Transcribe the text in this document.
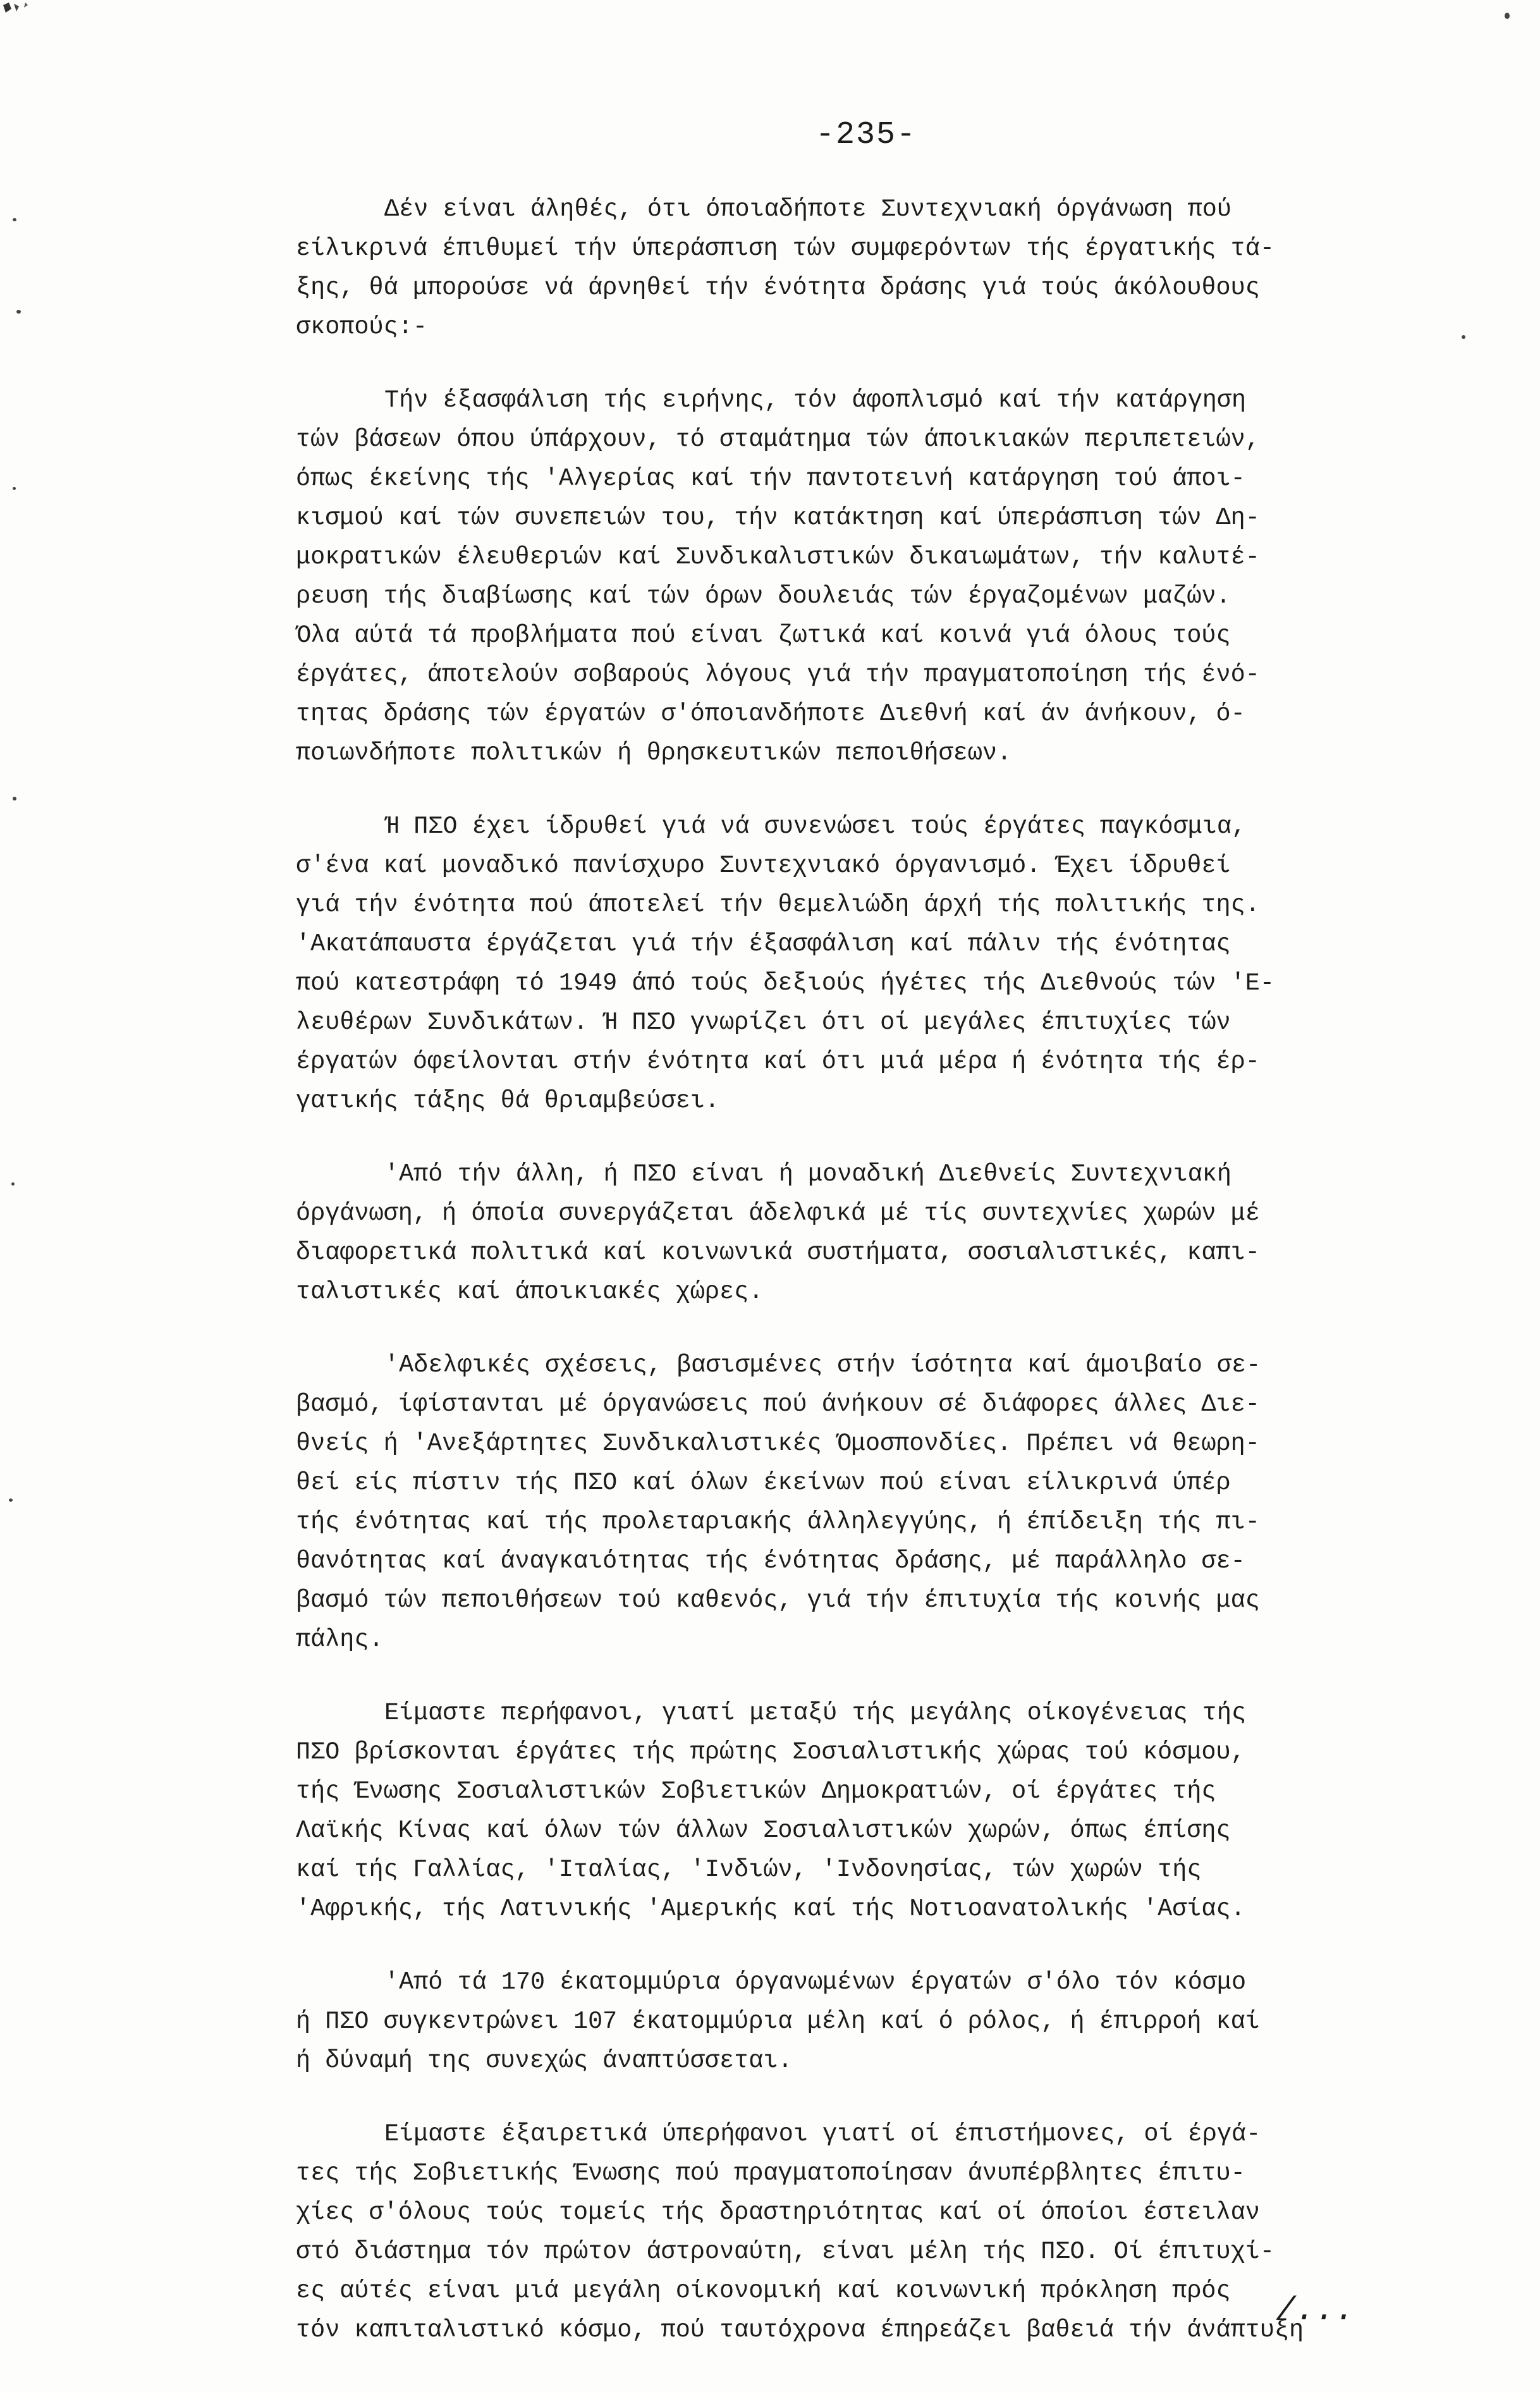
-235-
Δέν είναι άληθές, ότι όποιαδήποτε Συντεχνιακή όργάνωση πού
είλικρινά έπιθυμεί τήν ύπεράσπιση τών συμφερόντων τής έργατικής τά-
ξης, θά μπορούσε νά άρνηθεί τήν ένότητα δράσης γιά τούς άκόλουθους
σκοπούς:-
Τήν έξασφάλιση τής ειρήνης, τόν άφοπλισμό καί τήν κατάργηση
τών βάσεων όπου ύπάρχουν, τό σταμάτημα τών άποικιακών περιπετειών,
όπως έκείνης τής 'Αλγερίας καί τήν παντοτεινή κατάργηση τού άποι-
κισμού καί τών συνεπειών του, τήν κατάκτηση καί ύπεράσπιση τών Δη-
μοκρατικών έλευθεριών καί Συνδικαλιστικών δικαιωμάτων, τήν καλυτέ-
ρευση τής διαβίωσης καί τών όρων δουλειάς τών έργαζομένων μαζών.
Όλα αύτά τά προβλήματα πού είναι ζωτικά καί κοινά γιά όλους τούς
έργάτες, άποτελούν σοβαρούς λόγους γιά τήν πραγματοποίηση τής ένό-
τητας δράσης τών έργατών σ'όποιανδήποτε Διεθνή καί άν άνήκουν, ό-
ποιωνδήποτε πολιτικών ή θρησκευτικών πεποιθήσεων.
Ή ΠΣΟ έχει ίδρυθεί γιά νά συνενώσει τούς έργάτες παγκόσμια,
σ'ένα καί μοναδικό πανίσχυρο Συντεχνιακό όργανισμό. Έχει ίδρυθεί
γιά τήν ένότητα πού άποτελεί τήν θεμελιώδη άρχή τής πολιτικής της.
'Ακατάπαυστα έργάζεται γιά τήν έξασφάλιση καί πάλιν τής ένότητας
πού κατεστράφη τό 1949 άπό τούς δεξιούς ήγέτες τής Διεθνούς τών 'Ε-
λευθέρων Συνδικάτων. Ή ΠΣΟ γνωρίζει ότι οί μεγάλες έπιτυχίες τών
έργατών όφείλονται στήν ένότητα καί ότι μιά μέρα ή ένότητα τής έρ-
γατικής τάξης θά θριαμβεύσει.
'Από τήν άλλη, ή ΠΣΟ είναι ή μοναδική Διεθνείς Συντεχνιακή
όργάνωση, ή όποία συνεργάζεται άδελφικά μέ τίς συντεχνίες χωρών μέ
διαφορετικά πολιτικά καί κοινωνικά συστήματα, σοσιαλιστικές, καπι-
ταλιστικές καί άποικιακές χώρες.
'Αδελφικές σχέσεις, βασισμένες στήν ίσότητα καί άμοιβαίο σε-
βασμό, ίφίστανται μέ όργανώσεις πού άνήκουν σέ διάφορες άλλες Διε-
θνείς ή 'Ανεξάρτητες Συνδικαλιστικές Όμοσπονδίες. Πρέπει νά θεωρη-
θεί είς πίστιν τής ΠΣΟ καί όλων έκείνων πού είναι είλικρινά ύπέρ
τής ένότητας καί τής προλεταριακής άλληλεγγύης, ή έπίδειξη τής πι-
θανότητας καί άναγκαιότητας τής ένότητας δράσης, μέ παράλληλο σε-
βασμό τών πεποιθήσεων τού καθενός, γιά τήν έπιτυχία τής κοινής μας
πάλης.
Είμαστε περήφανοι, γιατί μεταξύ τής μεγάλης οίκογένειας τής
ΠΣΟ βρίσκονται έργάτες τής πρώτης Σοσιαλιστικής χώρας τού κόσμου,
τής Ένωσης Σοσιαλιστικών Σοβιετικών Δημοκρατιών, οί έργάτες τής
Λαϊκής Κίνας καί όλων τών άλλων Σοσιαλιστικών χωρών, όπως έπίσης
καί τής Γαλλίας, 'Ιταλίας, 'Ινδιών, 'Ινδονησίας, τών χωρών τής
'Αφρικής, τής Λατινικής 'Αμερικής καί τής Νοτιοανατολικής 'Ασίας.
'Από τά 170 έκατομμύρια όργανωμένων έργατών σ'όλο τόν κόσμο
ή ΠΣΟ συγκεντρώνει 107 έκατομμύρια μέλη καί ό ρόλος, ή έπιρροή καί
ή δύναμή της συνεχώς άναπτύσσεται.
Είμαστε έξαιρετικά ύπερήφανοι γιατί οί έπιστήμονες, οί έργά-
τες τής Σοβιετικής Ένωσης πού πραγματοποίησαν άνυπέρβλητες έπιτυ-
χίες σ'όλους τούς τομείς τής δραστηριότητας καί οί όποίοι έστειλαν
στό διάστημα τόν πρώτον άστροναύτη, είναι μέλη τής ΠΣΟ. Οί έπιτυχί-
ες αύτές είναι μιά μεγάλη οίκονομική καί κοινωνική πρόκληση πρός
τόν καπιταλιστικό κόσμο, πού ταυτόχρονα έπηρεάζει βαθειά τήν άνάπτυξη
/...
